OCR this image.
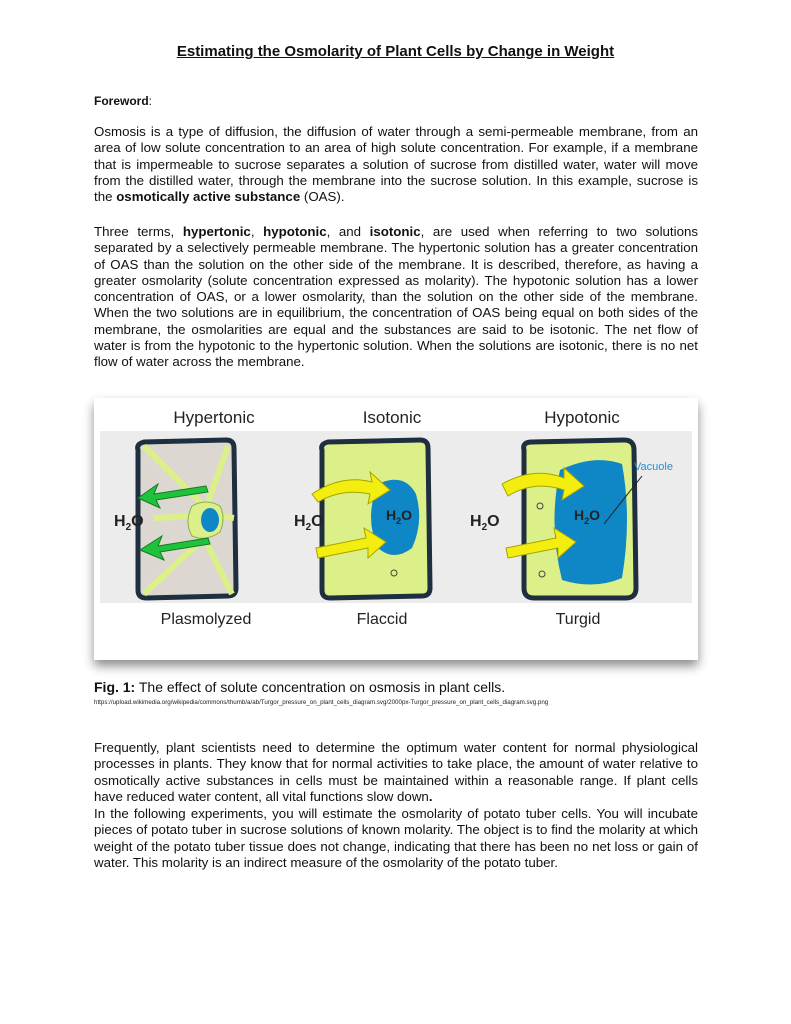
Estimating the Osmolarity of Plant Cells by Change in Weight

Foreword:

Osmosis is a type of diffusion, the diffusion of water through a semi-permeable membrane, from an area of low solute concentration to an area of high solute concentration. For example, if a membrane that is impermeable to sucrose separates a solution of sucrose from distilled water, water will move from the distilled water, through the membrane into the sucrose solution. In this example, sucrose is the osmotically active substance (OAS).

Three terms, hypertonic, hypotonic, and isotonic, are used when referring to two solutions separated by a selectively permeable membrane. The hypertonic solution has a greater concentration of OAS than the solution on the other side of the membrane. It is described, therefore, as having a greater osmolarity (solute concentration expressed as molarity). The hypotonic solution has a lower concentration of OAS, or a lower osmolarity, than the solution on the other side of the membrane. When the two solutions are in equilibrium, the concentration of OAS being equal on both sides of the membrane, the osmolarities are equal and the substances are said to be isotonic. The net flow of water is from the hypotonic to the hypertonic solution. When the solutions are isotonic, there is no net flow of water across the membrane.

Hypertonic	Isotonic	Hypotonic
$H_2O$	$H_2O$	$H_2O$	$H_2O$	$H_2O$
Vacuole
Plasmolyzed	Flaccid	Turgid

Fig. 1: The effect of solute concentration on osmosis in plant cells.

https://upload.wikimedia.org/wikipedia/commons/thumb/a/ab/Turgor_pressure_on_plant_cells_diagram.svg/2000px-Turgor_pressure_on_plant_cells_diagram.svg.png

Frequently, plant scientists need to determine the optimum water content for normal physiological processes in plants. They know that for normal activities to take place, the amount of water relative to osmotically active substances in cells must be maintained within a reasonable range. If plant cells have reduced water content, all vital functions slow down.

In the following experiments, you will estimate the osmolarity of potato tuber cells. You will incubate pieces of potato tuber in sucrose solutions of known molarity. The object is to find the molarity at which weight of the potato tuber tissue does not change, indicating that there has been no net loss or gain of water. This molarity is an indirect measure of the osmolarity of the potato tuber.
